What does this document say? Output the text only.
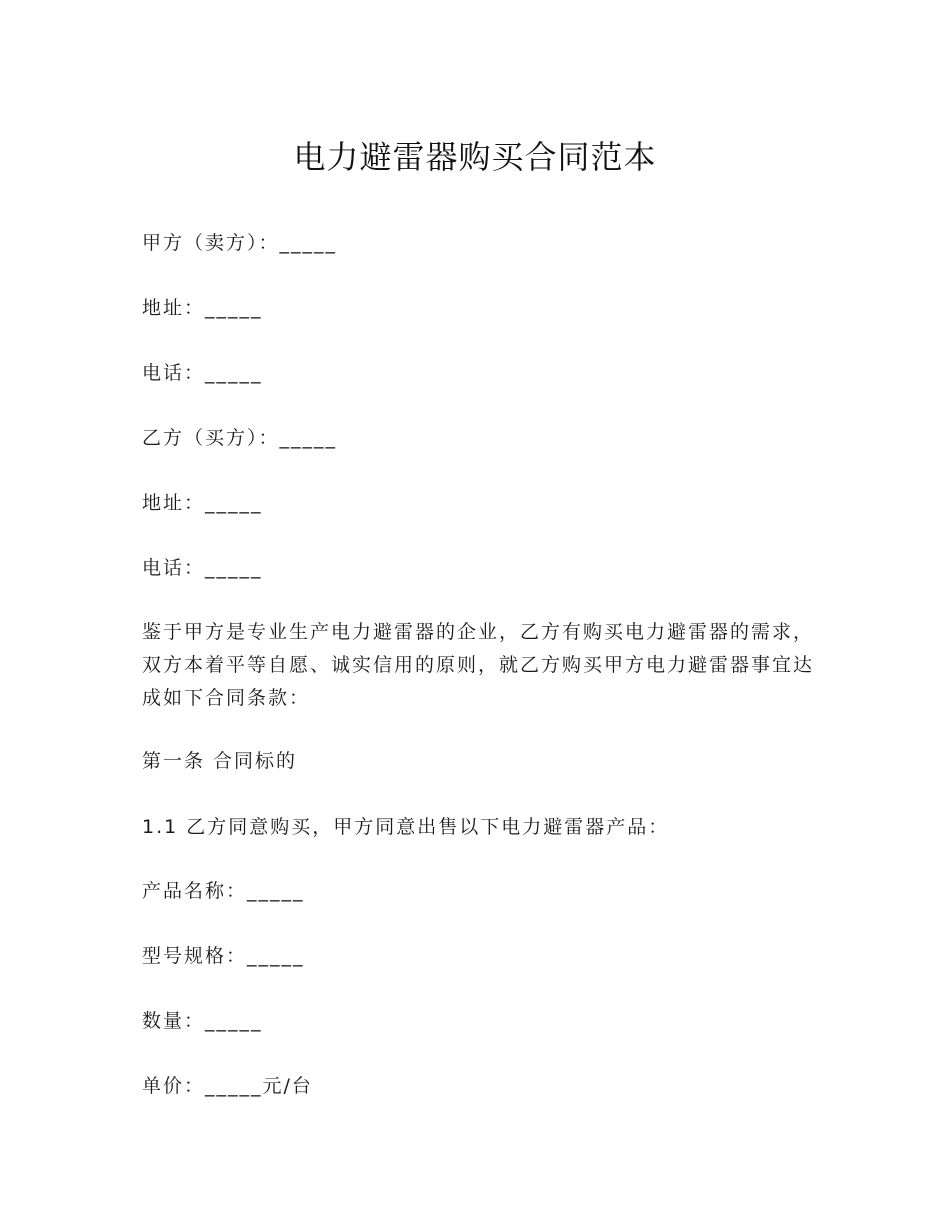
电力避雷器购买合同范本

甲方（卖方）：_____

地址：_____

电话：_____

乙方（买方）：_____

地址：_____

电话：_____

鉴于甲方是专业生产电力避雷器的企业，乙方有购买电力避雷器的需求，双方本着平等自愿、诚实信用的原则，就乙方购买甲方电力避雷器事宜达成如下合同条款：

第一条 合同标的

1.1 乙方同意购买，甲方同意出售以下电力避雷器产品：

产品名称：_____

型号规格：_____

数量：_____

单价：_____元/台
